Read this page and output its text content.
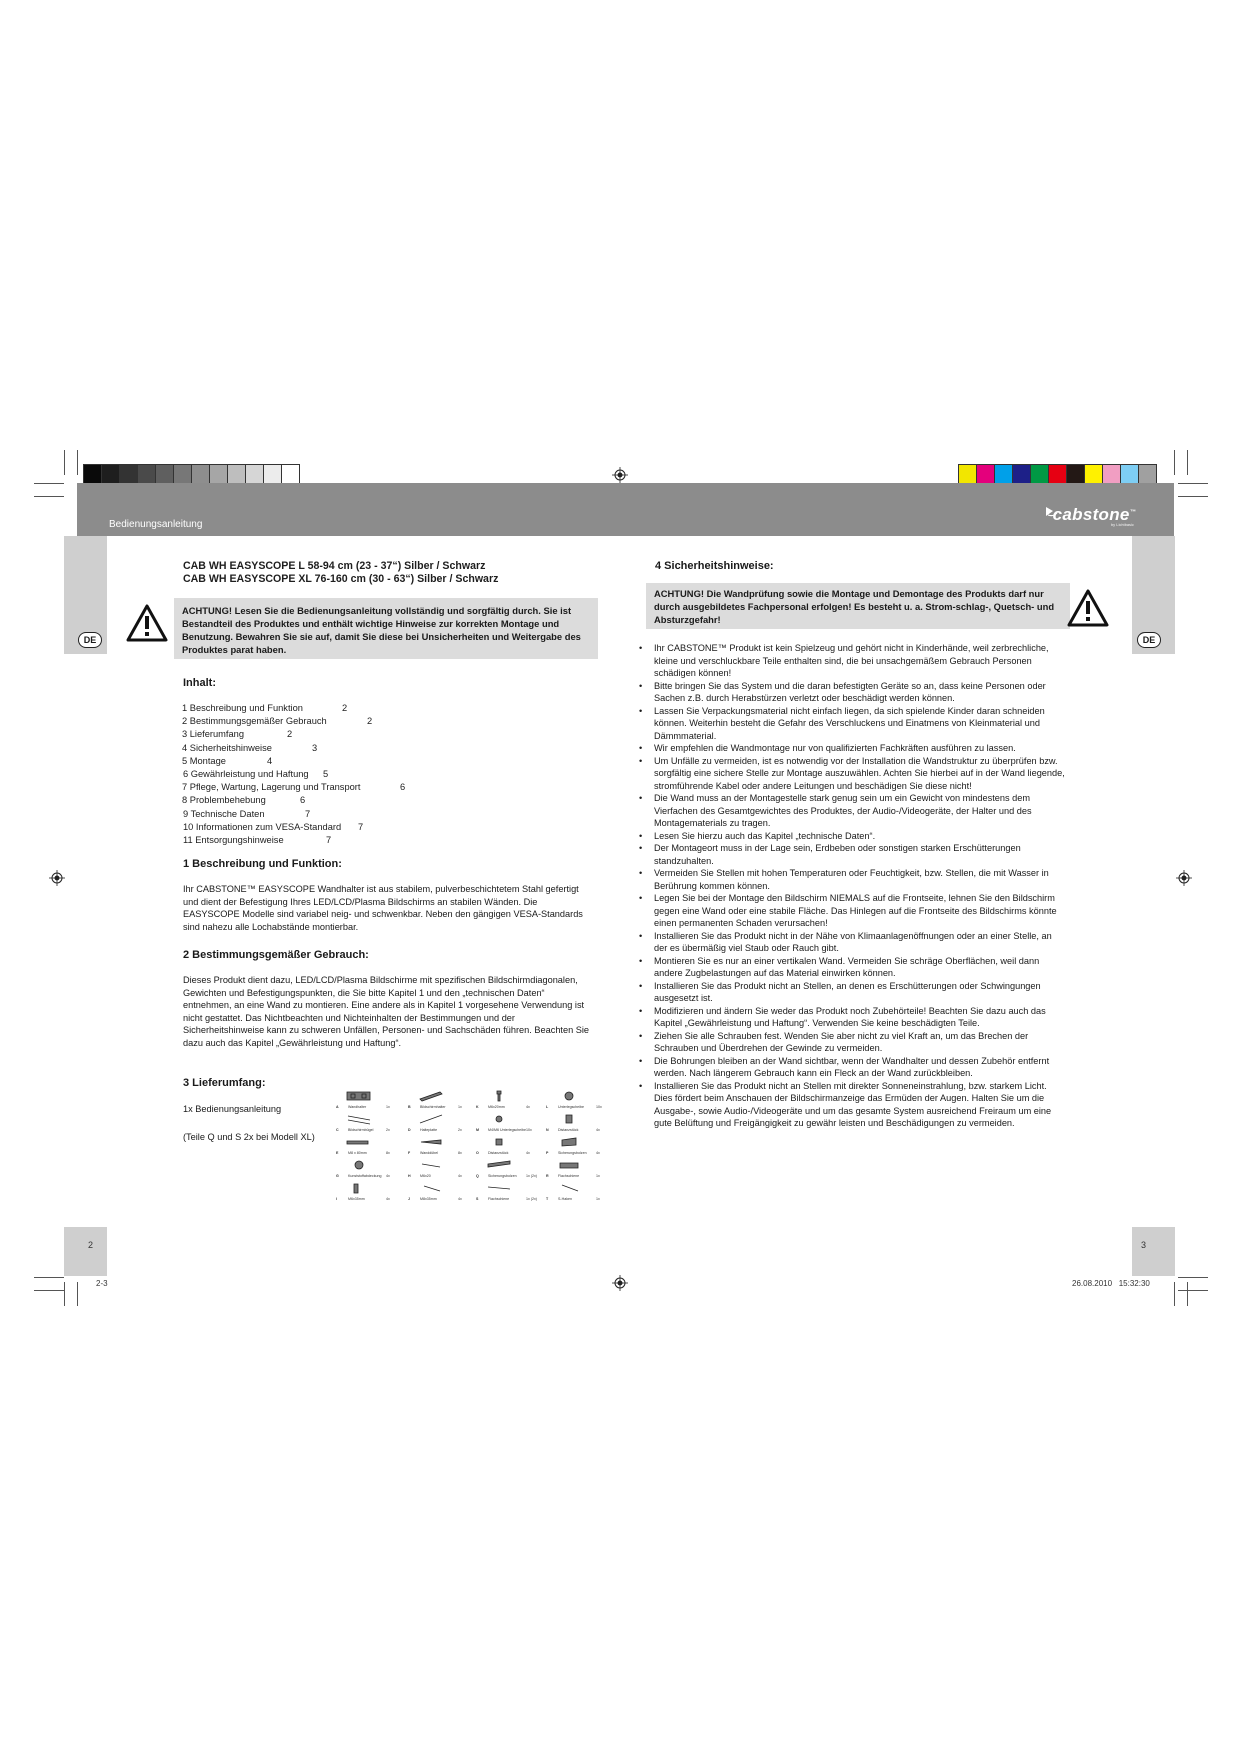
Bedienungsanleitung
cabstone™
by Lichtbasic
DE	DE
2	3
2-3	26.08.2010   15:32:30
CAB WH EASYSCOPE L 58-94 cm (23 - 37“) Silber / Schwarz
CAB WH EASYSCOPE XL 76-160 cm (30 - 63“) Silber / Schwarz
ACHTUNG! Lesen Sie die Bedienungsanleitung vollständig und sorgfältig durch. Sie ist Bestandteil des Produktes und enthält wichtige Hinweise zur korrekten Montage und Benutzung. Bewahren Sie sie auf, damit Sie diese bei Unsicherheiten und Weitergabe des Produktes parat haben.
Inhalt:
1 Beschreibung und Funktion	2
2 Bestimmungsgemäßer Gebrauch	2
3 Lieferumfang	2
4 Sicherheitshinweise	3
5 Montage	4
6 Gewährleistung und Haftung	5
7 Pflege, Wartung, Lagerung und Transport	6
8 Problembehebung	6
9 Technische Daten	7
10 Informationen zum VESA-Standard	7
11 Entsorgungshinweise	7
1 Beschreibung und Funktion:
Ihr CABSTONE™ EASYSCOPE Wandhalter ist aus stabilem, pulverbeschichtetem Stahl gefertigt und dient der Befestigung Ihres LED/LCD/Plasma Bildschirms an stabilen Wänden. Die EASYSCOPE Modelle sind variabel neig- und schwenkbar. Neben den gängigen VESA-Standards sind nahezu alle Lochabstände montierbar.
2 Bestimmungsgemäßer Gebrauch:
Dieses Produkt dient dazu, LED/LCD/Plasma Bildschirme mit spezifischen Bildschirmdiagonalen, Gewichten und Befestigungspunkten, die Sie bitte Kapitel 1 und den „technischen Daten“ entnehmen, an eine Wand zu montieren. Eine andere als in Kapitel 1 vorgesehene Verwendung ist nicht gestattet. Das Nichtbeachten und Nichteinhalten der Bestimmungen und der Sicherheitshinweise kann zu schweren Unfällen, Personen- und Sachschäden führen. Beachten Sie dazu auch das Kapitel „Gewährleistung und Haftung“.
3 Lieferumfang:
1x Bedienungsanleitung
(Teile Q und S 2x bei Modell XL)
A	Wandhalter	1x	B	Bildschirmhalter	1x	K	M6x20mm	4x	L	Unterlegscheibe	10x
C	Bildschirmbügel	2x	D	Halteplatte	2x	M	M4/M6 Unterlegscheibe10x	N	Distanzstück	4x
E	M8 x 80mm	8x	F	Wanddübel	8x	O	Distanzstück	4x	P	Sicherungsbolzen	4x
G	Kunststoffabdeckung 4x	H	M6x20	4x	Q	Sicherungsbolzen	1x (2x)	R	Flachschiene	1x
I	M6x35mm	4x	J	M8x35mm	4x	S	Flachschiene	1x (2x)	T	S-Haken	1x
4 Sicherheitshinweise:
ACHTUNG! Die Wandprüfung sowie die Montage und Demontage des Produkts darf nur durch ausgebildetes Fachpersonal erfolgen! Es besteht u. a. Strom-schlag-, Quetsch- und Absturzgefahr!
•	Ihr CABSTONE™ Produkt ist kein Spielzeug und gehört nicht in Kinderhände, weil zerbrechliche, kleine und verschluckbare Teile enthalten sind, die bei unsachgemäßem Gebrauch Personen schädigen können!
•	Bitte bringen Sie das System und die daran befestigten Geräte so an, dass keine Personen oder Sachen z.B. durch Herabstürzen verletzt oder beschädigt werden können.
•	Lassen Sie Verpackungsmaterial nicht einfach liegen, da sich spielende Kinder daran schneiden können. Weiterhin besteht die Gefahr des Verschluckens und Einatmens von Kleinmaterial und Dämmmaterial.
•	Wir empfehlen die Wandmontage nur von qualifizierten Fachkräften ausführen zu lassen.
•	Um Unfälle zu vermeiden, ist es notwendig vor der Installation die Wandstruktur zu überprüfen bzw. sorgfältig eine sichere Stelle zur Montage auszuwählen. Achten Sie hierbei auf in der Wand liegende, stromführende Kabel oder andere Leitungen und beschädigen Sie diese nicht!
•	Die Wand muss an der Montagestelle stark genug sein um ein Gewicht von mindestens dem Vierfachen des Gesamtgewichtes des Produktes, der Audio-/Videogeräte, der Halter und des Montagematerials zu tragen.
•	Lesen Sie hierzu auch das Kapitel „technische Daten“.
•	Der Montageort muss in der Lage sein, Erdbeben oder sonstigen starken Erschütterungen standzuhalten.
•	Vermeiden Sie Stellen mit hohen Temperaturen oder Feuchtigkeit, bzw. Stellen, die mit Wasser in Berührung kommen können.
•	Legen Sie bei der Montage den Bildschirm NIEMALS auf die Frontseite, lehnen Sie den Bildschirm gegen eine Wand oder eine stabile Fläche. Das Hinlegen auf die Frontseite des Bildschirms könnte einen permanenten Schaden verursachen!
•	Installieren Sie das Produkt nicht in der Nähe von Klimaanlagenöffnungen oder an einer Stelle, an der es übermäßig viel Staub oder Rauch gibt.
•	Montieren Sie es nur an einer vertikalen Wand. Vermeiden Sie schräge Oberflächen, weil dann andere Zugbelastungen auf das Material einwirken können.
•	Installieren Sie das Produkt nicht an Stellen, an denen es Erschütterungen oder Schwingungen ausgesetzt ist.
•	Modifizieren und ändern Sie weder das Produkt noch Zubehörteile! Beachten Sie dazu auch das Kapitel „Gewährleistung und Haftung“. Verwenden Sie keine beschädigten Teile.
•	Ziehen Sie alle Schrauben fest. Wenden Sie aber nicht zu viel Kraft an, um das Brechen der Schrauben und Überdrehen der Gewinde zu vermeiden.
•	Die Bohrungen bleiben an der Wand sichtbar, wenn der Wandhalter und dessen Zubehör entfernt werden. Nach längerem Gebrauch kann ein Fleck an der Wand zurückbleiben.
•	Installieren Sie das Produkt nicht an Stellen mit direkter Sonneneinstrahlung, bzw. starkem Licht. Dies fördert beim Anschauen der Bildschirmanzeige das Ermüden der Augen. Halten Sie um die Ausgabe-, sowie Audio-/Videogeräte und um das gesamte System ausreichend Freiraum um eine gute Belüftung und Freigängigkeit zu gewähr leisten und Beschädigungen zu vermeiden.
